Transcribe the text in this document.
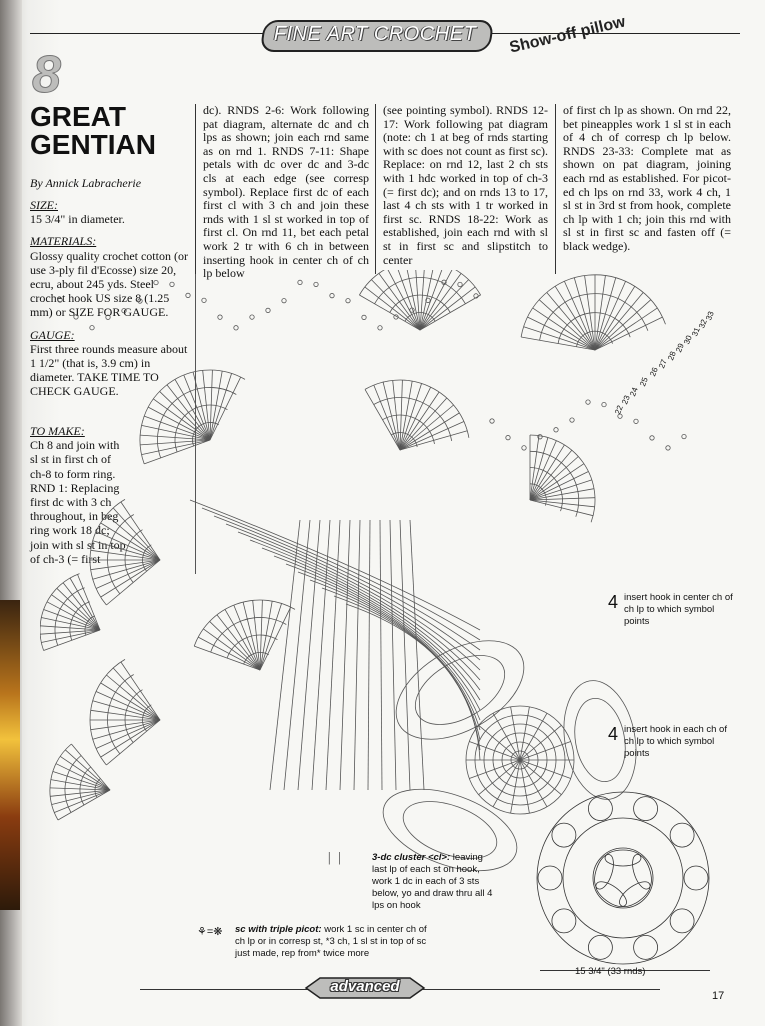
FINE ART CROCHET	Show-off pillow
8
GREAT
GENTIAN
By Annick Labracherie

SIZE:
15 3/4" in diameter.

MATERIALS:
Glossy quality crochet cotton (or use 3-ply fil d'Ecosse) size 20, ecru, about 245 yds. Steel crochet hook US size 8 (1.25 mm) or SIZE FOR GAUGE.

GAUGE:
First three rounds measure about 1 1/2" (that is, 3.9 cm) in diameter. TAKE TIME TO CHECK GAUGE.

TO MAKE:
Ch 8 and join with sl st in first ch of ch-8 to form ring. RND 1: Replacing first dc with 3 ch throughout, in beg ring work 18 dc; join with sl st in top of ch-3 (= first
dc). RNDS 2-6: Work following pat diagram, alternate dc and ch lps as shown; join each rnd same as on rnd 1. RNDS 7-11: Shape petals with dc over dc and 3-dc cls at each edge (see corresp symbol). Replace first dc of each first cl with 3 ch and join these rnds with 1 sl st worked in top of first cl. On rnd 11, bet each petal work 2 tr with 6 ch in between inserting hook in center ch of ch lp below
(see pointing symbol). RNDS 12-17: Work following pat diagram (note: ch 1 at beg of rnds starting with sc does not count as first sc). Replace: on rnd 12, last 2 ch sts with 1 hdc worked in top of ch-3 (= first dc); and on rnds 13 to 17, last 4 ch sts with 1 tr worked in first sc. RNDS 18-22: Work as established, join each rnd with sl st in first sc and slipstitch to center
of first ch lp as shown. On rnd 22, bet pineapples work 1 sl st in each of 4 ch of corresp ch lp below. RNDS 23-33: Complete mat as shown on pat diagram, joining each rnd as established. For picot-ed ch lps on rnd 33, work 4 ch, 1 sl st in 3rd st from hook, complete ch lp with 1 ch; join this rnd with sl st in first sc and fasten off (= black wedge).
22
23
24
25
26
27
28
29
30
31
32
33
4 insert hook in center ch of ch lp to which symbol points
4 insert hook in each ch of ch lp to which symbol points
ᛁᛁ	3-dc cluster <cl>: leaving last lp of each st on hook, work 1 dc in each of 3 sts below, yo and draw thru all 4 lps on hook
⚘=❋ sc with triple picot: work 1 sc in center ch of ch lp or in corresp st, *3 ch, 1 sl st in top of sc just made, rep from* twice more
15 3/4" (33 rnds)
advanced
17
